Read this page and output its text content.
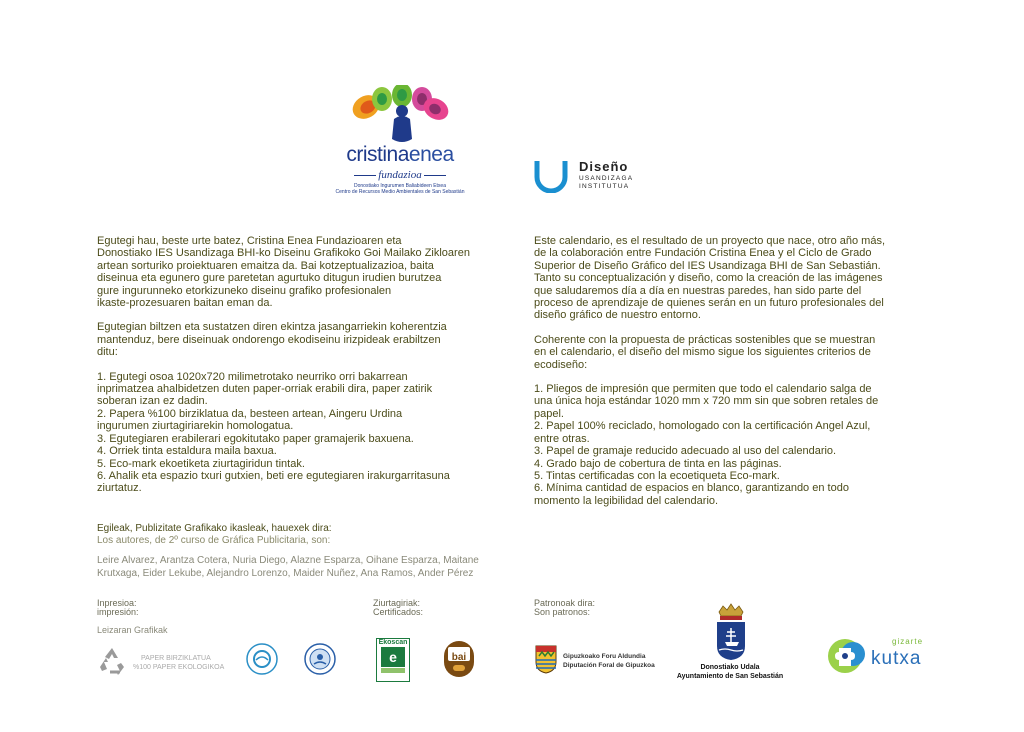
cristinaenea
fundazioa
Donostiako Ingurumen Baliabideen Etxea
Centro de Recursos Medio Ambientales de San Sebastián
Diseño
USANDIZAGA
INSTITUTUA

Egutegi hau, beste urte batez, Cristina Enea Fundazioaren eta
Donostiako IES Usandizaga BHI-ko Diseinu Grafikoko Goi Mailako Zikloaren
artean sorturiko proiektuaren emaitza da. Bai kotzeptualizazioa, baita
diseinua eta egunero gure paretetan agurtuko ditugun irudien burutzea
gure ingurunneko etorkizuneko diseinu grafiko profesionalen
ikaste-prozesuaren baitan eman da.

Egutegian biltzen eta sustatzen diren ekintza jasangarriekin koherentzia
mantenduz, bere diseinuak ondorengo ekodiseinu irizpideak erabiltzen
ditu:

1. Egutegi osoa 1020x720 milimetrotako neurriko orri bakarrean
inprimatzea ahalbidetzen duten paper-orriak erabili dira, paper zatirik
soberan izan ez dadin.
2. Papera %100 birziklatua da, besteen artean, Aingeru Urdina
ingurumen ziurtagiriarekin homologatua.
3. Egutegiaren erabilerari egokitutako paper gramajerik baxuena.
4. Orriek tinta estaldura maila baxua.
5. Eco-mark ekoetiketa ziurtagiridun tintak.
6. Ahalik eta espazio txuri gutxien, beti ere egutegiaren irakurgarritasuna
ziurtatuz.

Egileak, Publizitate Grafikako ikasleak, hauexek dira:
Los autores, de 2º curso de Gráfica Publicitaria, son:
Leire Alvarez, Arantza Cotera, Nuria Diego, Alazne Esparza, Oihane Esparza, Maitane
Krutxaga, Eider Lekube, Alejandro Lorenzo, Maider Nuñez, Ana Ramos, Ander Pérez

Este calendario, es el resultado de un proyecto que nace, otro año más,
de la colaboración entre Fundación Cristina Enea y el Ciclo de Grado
Superior de Diseño Gráfico del IES Usandizaga BHI de San Sebastián.
Tanto su conceptualización y diseño, como la creación de las imágenes
que saludaremos día a día en nuestras paredes, han sido parte del
proceso de aprendizaje de quienes serán en un futuro profesionales del
diseño gráfico de nuestro entorno.

Coherente con la propuesta de prácticas sostenibles que se muestran
en el calendario, el diseño del mismo sigue los siguientes criterios de
ecodiseño:

1. Pliegos de impresión que permiten que todo el calendario salga de
una única hoja estándar 1020 mm x 720 mm sin que sobren retales de
papel.
2. Papel 100% reciclado, homologado con la certificación Angel Azul,
entre otras.
3. Papel de gramaje reducido adecuado al uso del calendario.
4. Grado bajo de cobertura de tinta en las páginas.
5. Tintas certificadas con la ecoetiqueta Eco-mark.
6. Mínima cantidad de espacios en blanco, garantizando en todo
momento la legibilidad del calendario.

Inpresioa:
impresión:
Leizaran Grafikak
Ziurtagiriak:
Certificados:
Patronoak dira:
Son patronos:
PAPER BIRZIKLATUA
%100 PAPER EKOLOGIKOA
Ekoscan
e	bai	Gipuzkoako Foru Aldundia
Diputación Foral de Gipuzkoa	Donostiako Udala
Ayuntamiento de San Sebastián
gizarte
kutxa
